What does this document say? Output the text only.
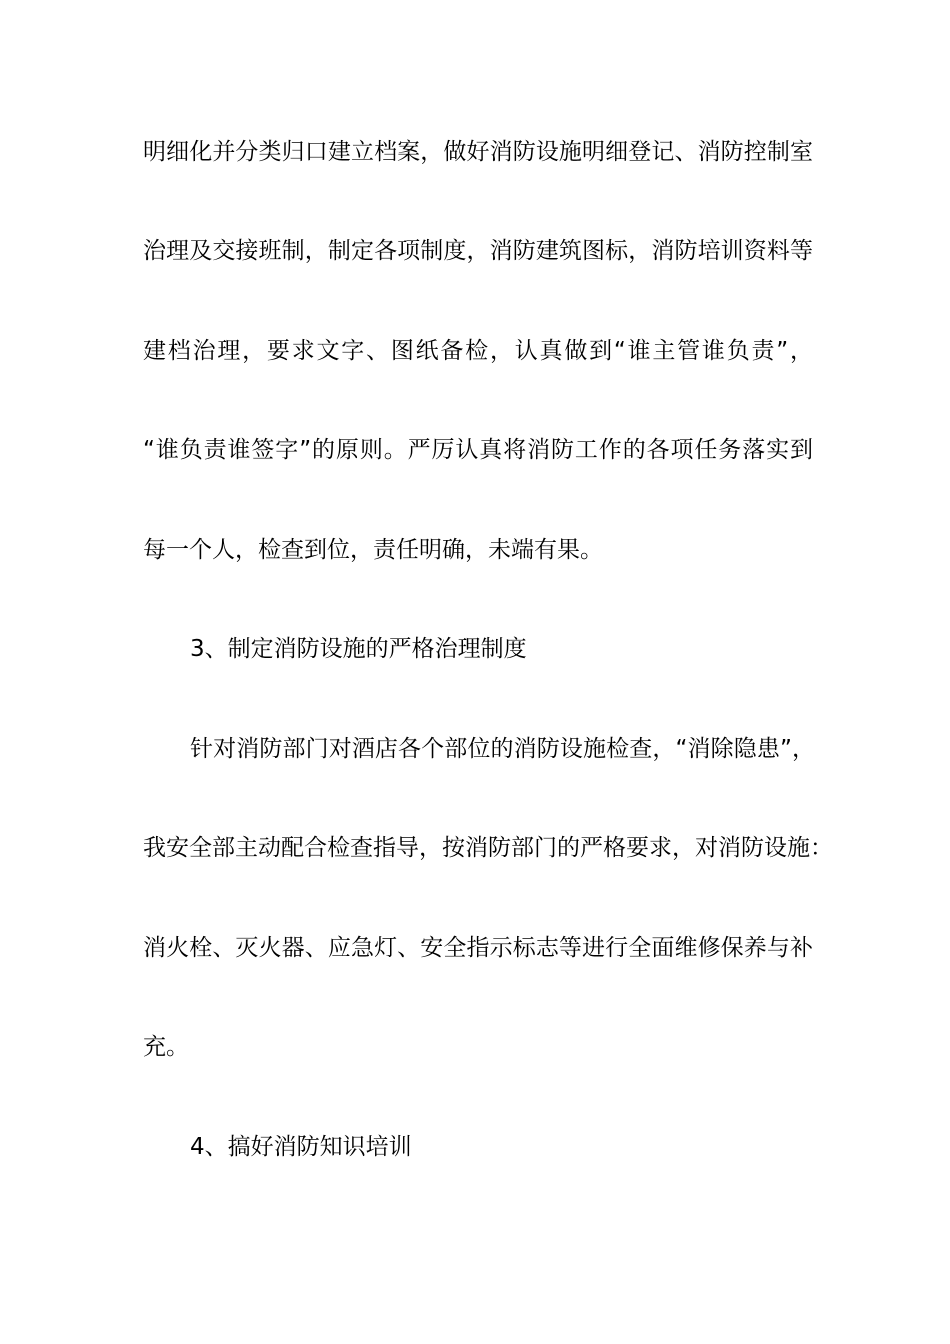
明细化并分类归口建立档案，做好消防设施明细登记、消防控制室
治理及交接班制，制定各项制度，消防建筑图标，消防培训资料等
建档治理，要求文字、图纸备检，认真做到“谁主管谁负责”，
“谁负责谁签字”的原则。严厉认真将消防工作的各项任务落实到
每一个人，检查到位，责任明确，未端有果。
3、制定消防设施的严格治理制度
针对消防部门对酒店各个部位的消防设施检查，“消除隐患”，
我安全部主动配合检查指导，按消防部门的严格要求，对消防设施：
消火栓、灭火器、应急灯、安全指示标志等进行全面维修保养与补
充。
4、搞好消防知识培训
